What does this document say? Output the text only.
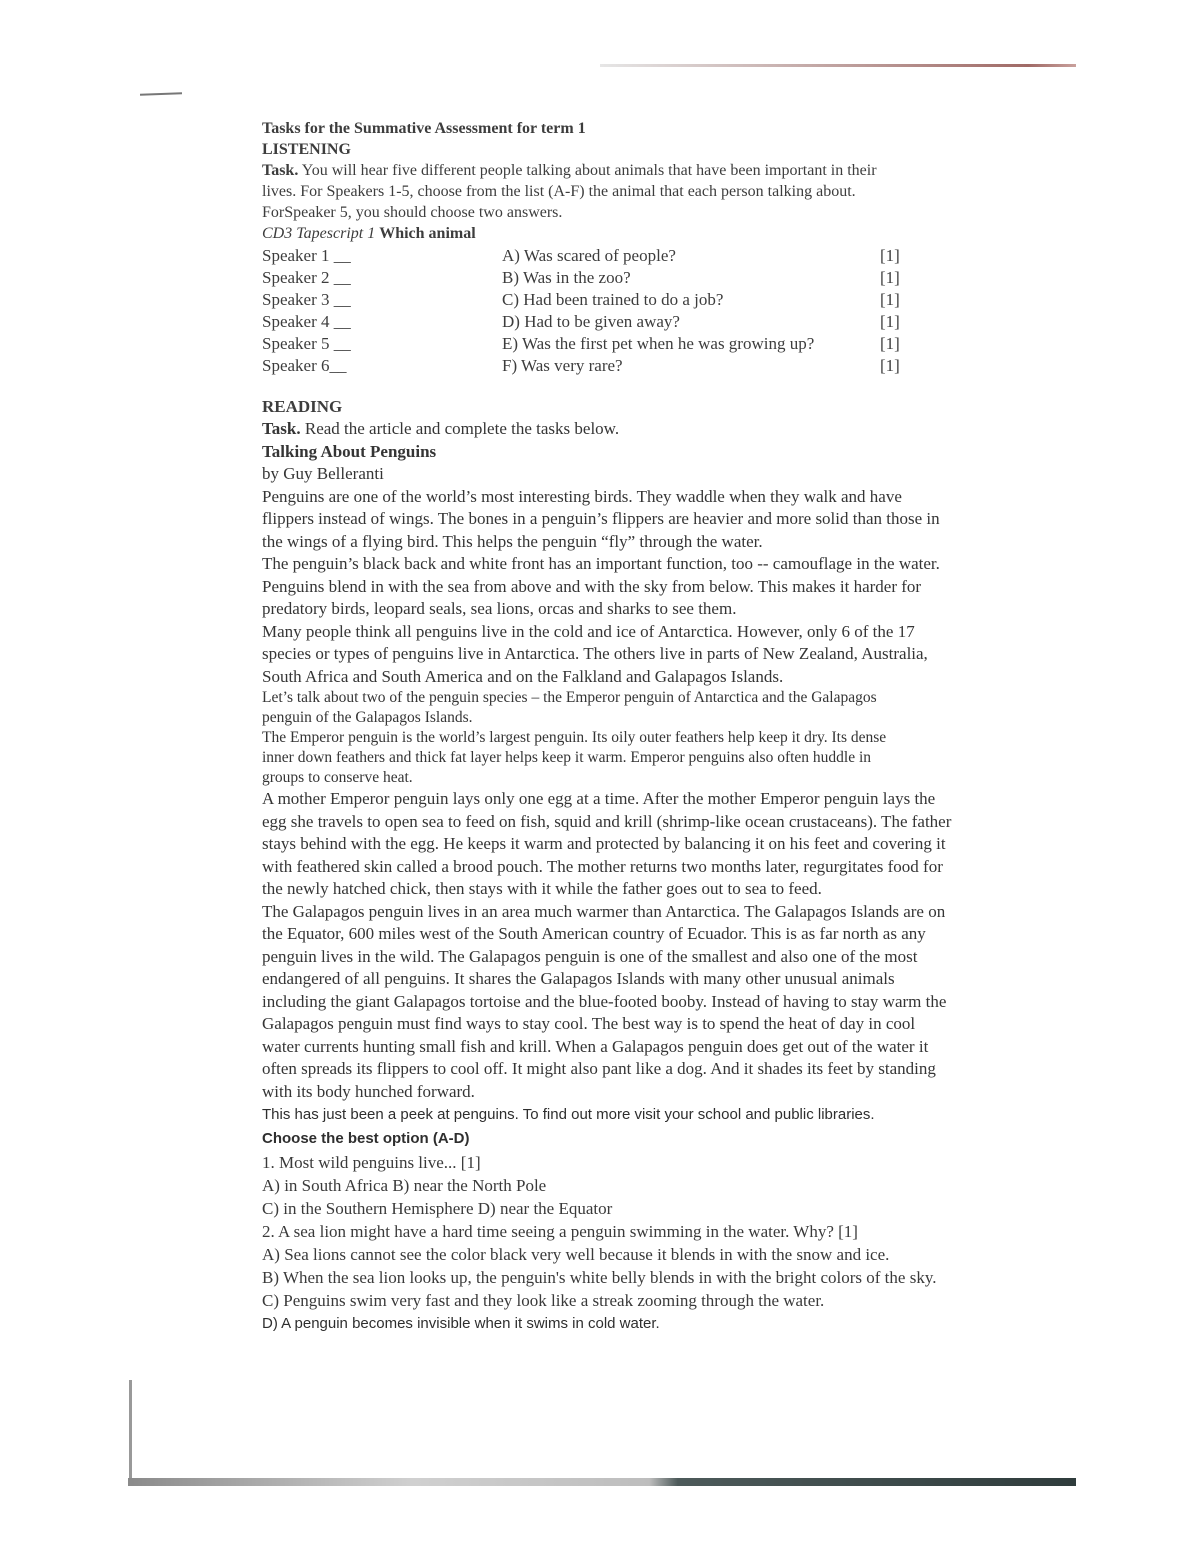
Tasks for the Summative Assessment for term 1
LISTENING
Task. You will hear five different people talking about animals that have been important in their
lives. For Speakers 1-5, choose from the list (A-F) the animal that each person talking about.
ForSpeaker 5, you should choose two answers.
CD3 Tapescript 1 Which animal
Speaker 1 __	A) Was scared of people?	[1]
Speaker 2 __	B) Was in the zoo?	[1]
Speaker 3 __	C) Had been trained to do a job?	[1]
Speaker 4 __	D) Had to be given away?	[1]
Speaker 5 __	E) Was the first pet when he was growing up?	[1]
Speaker 6__	F) Was very rare?	[1]
READING
Task. Read the article and complete the tasks below.
Talking About Penguins
by Guy Belleranti
Penguins are one of the world’s most interesting birds. They waddle when they walk and have
flippers instead of wings. The bones in a penguin’s flippers are heavier and more solid than those in
the wings of a flying bird. This helps the penguin “fly” through the water.
The penguin’s black back and white front has an important function, too -- camouflage in the water.
Penguins blend in with the sea from above and with the sky from below. This makes it harder for
predatory birds, leopard seals, sea lions, orcas and sharks to see them.
Many people think all penguins live in the cold and ice of Antarctica. However, only 6 of the 17
species or types of penguins live in Antarctica. The others live in parts of New Zealand, Australia,
South Africa and South America and on the Falkland and Galapagos Islands.
Let’s talk about two of the penguin species – the Emperor penguin of Antarctica and the Galapagos
penguin of the Galapagos Islands.
The Emperor penguin is the world’s largest penguin. Its oily outer feathers help keep it dry. Its dense
inner down feathers and thick fat layer helps keep it warm. Emperor penguins also often huddle in
groups to conserve heat.
A mother Emperor penguin lays only one egg at a time. After the mother Emperor penguin lays the
egg she travels to open sea to feed on fish, squid and krill (shrimp-like ocean crustaceans). The father
stays behind with the egg. He keeps it warm and protected by balancing it on his feet and covering it
with feathered skin called a brood pouch. The mother returns two months later, regurgitates food for
the newly hatched chick, then stays with it while the father goes out to sea to feed.
The Galapagos penguin lives in an area much warmer than Antarctica. The Galapagos Islands are on
the Equator, 600 miles west of the South American country of Ecuador. This is as far north as any
penguin lives in the wild. The Galapagos penguin is one of the smallest and also one of the most
endangered of all penguins. It shares the Galapagos Islands with many other unusual animals
including the giant Galapagos tortoise and the blue-footed booby. Instead of having to stay warm the
Galapagos penguin must find ways to stay cool. The best way is to spend the heat of day in cool
water currents hunting small fish and krill. When a Galapagos penguin does get out of the water it
often spreads its flippers to cool off. It might also pant like a dog. And it shades its feet by standing
with its body hunched forward.
This has just been a peek at penguins. To find out more visit your school and public libraries.
Choose the best option (A-D)
1. Most wild penguins live... [1]
A) in South Africa B) near the North Pole
C) in the Southern Hemisphere D) near the Equator
2. A sea lion might have a hard time seeing a penguin swimming in the water. Why? [1]
A) Sea lions cannot see the color black very well because it blends in with the snow and ice.
B) When the sea lion looks up, the penguin's white belly blends in with the bright colors of the sky.
C) Penguins swim very fast and they look like a streak zooming through the water.
D) A penguin becomes invisible when it swims in cold water.
